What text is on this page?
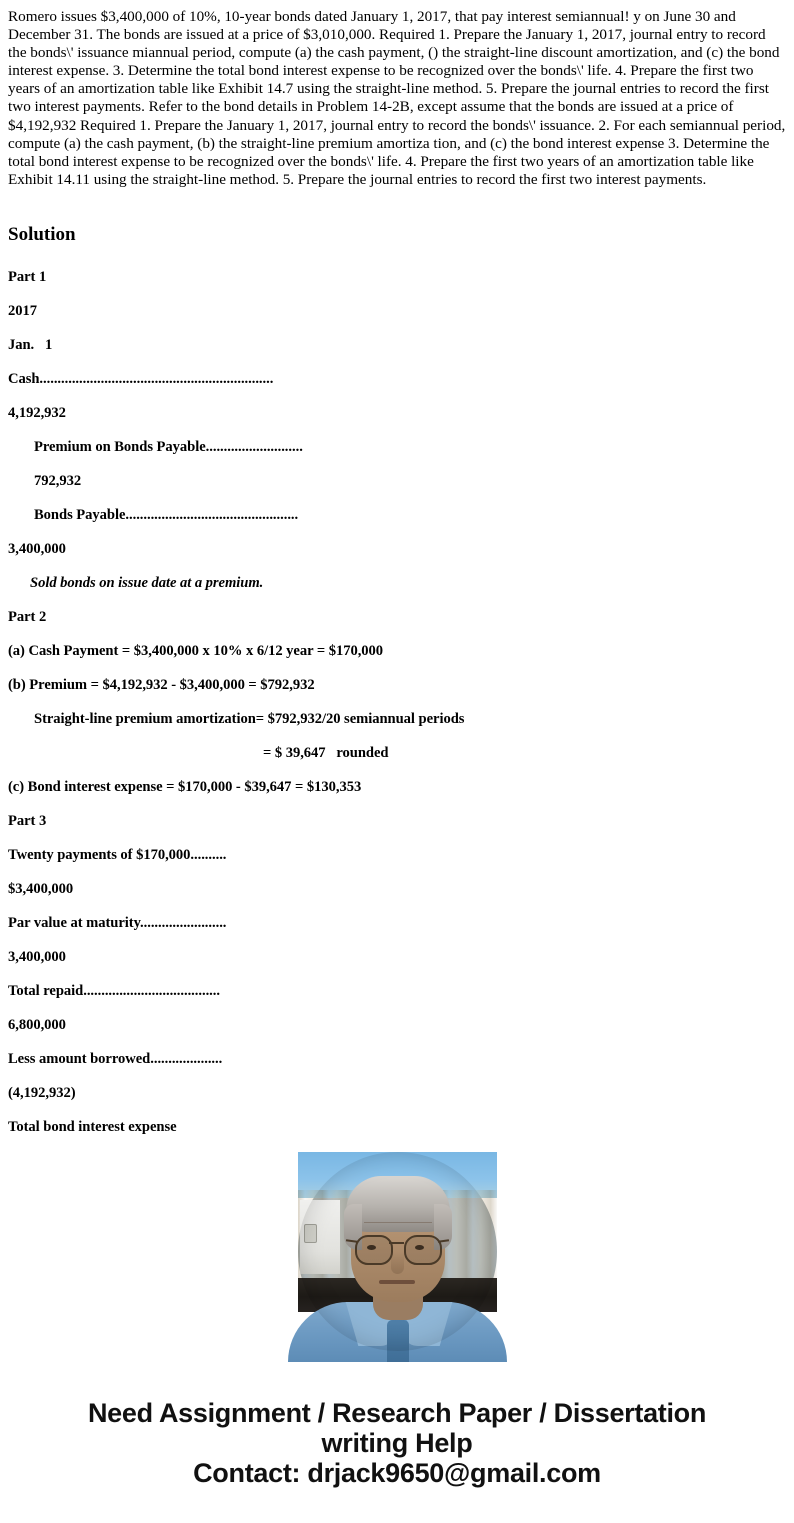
Romero issues $3,400,000 of 10%, 10-year bonds dated January 1, 2017, that pay interest semiannual! y on June 30 and December 31. The bonds are issued at a price of $3,010,000. Required 1. Prepare the January 1, 2017, journal entry to record the bonds\' issuance miannual period, compute (a) the cash payment, () the straight-line discount amortization, and (c) the bond interest expense. 3. Determine the total bond interest expense to be recognized over the bonds\' life. 4. Prepare the first two years of an amortization table like Exhibit 14.7 using the straight-line method. 5. Prepare the journal entries to record the first two interest payments. Refer to the bond details in Problem 14-2B, except assume that the bonds are issued at a price of $4,192,932 Required 1. Prepare the January 1, 2017, journal entry to record the bonds\' issuance. 2. For each semiannual period, compute (a) the cash payment, (b) the straight-line premium amortiza tion, and (c) the bond interest expense 3. Determine the total bond interest expense to be recognized over the bonds\' life. 4. Prepare the first two years of an amortization table like Exhibit 14.11 using the straight-line method. 5. Prepare the journal entries to record the first two interest payments.

Solution
Part 1
2017
Jan.   1
Cash.................................................................
4,192,932
Premium on Bonds Payable...........................
792,932
Bonds Payable................................................
3,400,000
Sold bonds on issue date at a premium.
Part 2
(a) Cash Payment = $3,400,000 x 10% x 6/12 year = $170,000
(b) Premium = $4,192,932 - $3,400,000 = $792,932
Straight-line premium amortization= $792,932/20 semiannual periods
= $ 39,647   rounded
(c) Bond interest expense = $170,000 - $39,647 = $130,353
Part 3
Twenty payments of $170,000..........
$3,400,000
Par value at maturity........................
3,400,000
Total repaid......................................
6,800,000
Less amount borrowed....................
(4,192,932)
Total bond interest expense
Need Assignment / Research Paper / Dissertation
writing Help
Contact: drjack9650@gmail.com
